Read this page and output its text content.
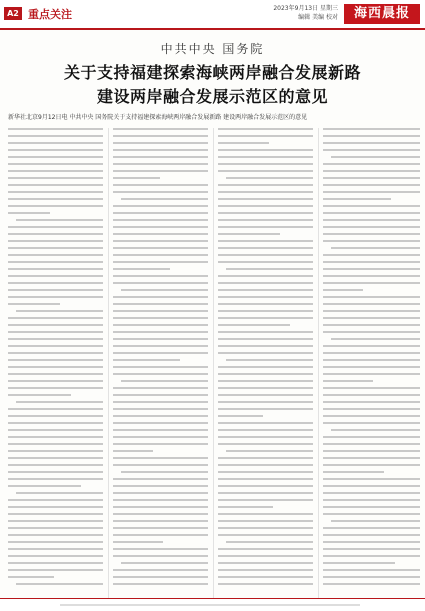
A2 重点关注	2023年9月13日 星期三
编辑 美编 校对	海西晨报
中共中央 国务院
关于支持福建探索海峡两岸融合发展新路
建设两岸融合发展示范区的意见
新华社北京9月12日电 中共中央 国务院关于支持福建探索海峡两岸融合发展新路 建设两岸融合发展示范区的意见
